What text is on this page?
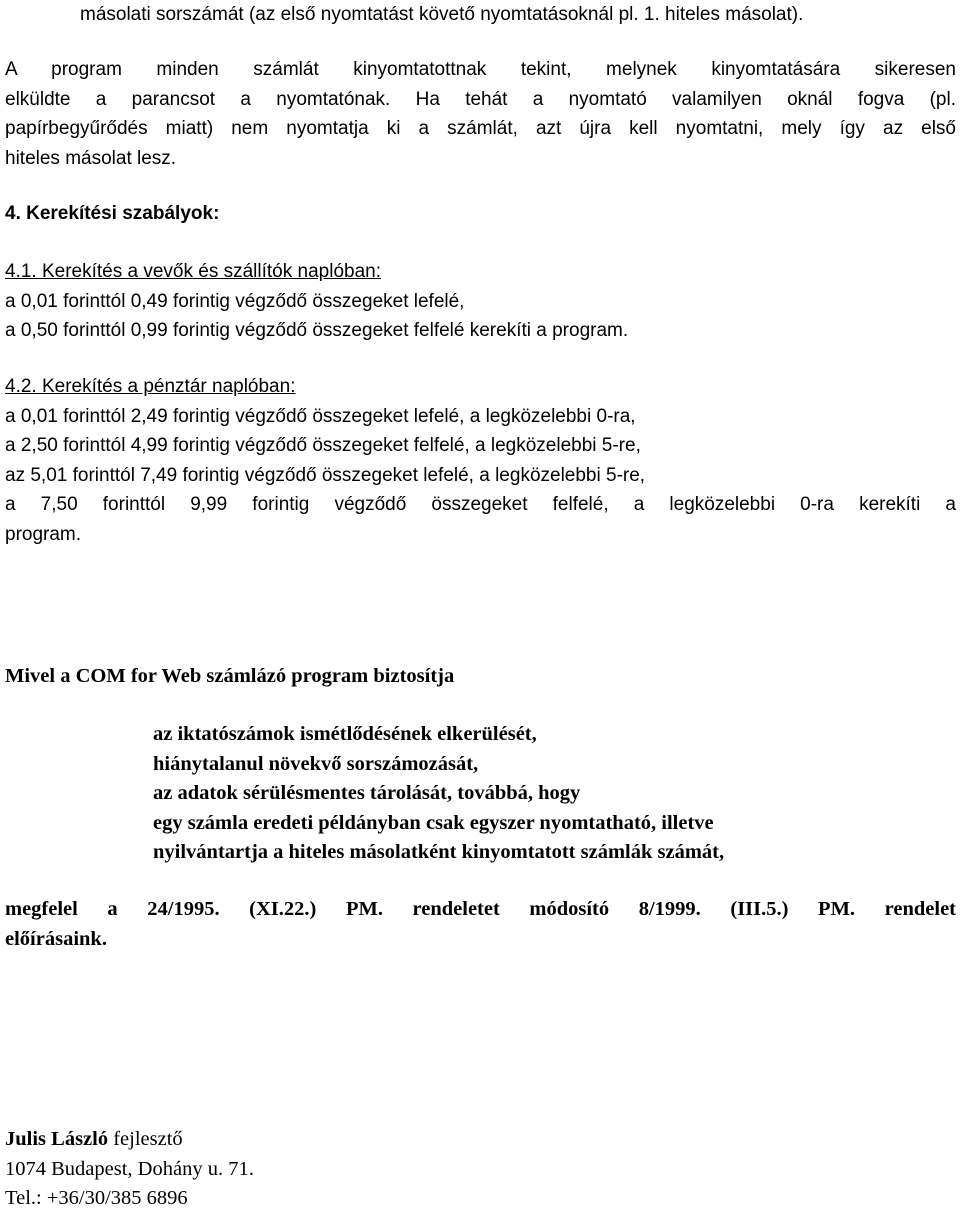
másolati sorszámát (az első nyomtatást követő nyomtatásoknál pl. 1. hiteles másolat).
A program minden számlát kinyomtatottnak tekint, melynek kinyomtatására sikeresen
elküldte a parancsot a nyomtatónak. Ha tehát a nyomtató valamilyen oknál fogva (pl.
papírbegyűrődés miatt) nem nyomtatja ki a számlát, azt újra kell nyomtatni, mely így az első
hiteles másolat lesz.
4. Kerekítési szabályok:
4.1. Kerekítés a vevők és szállítók naplóban:
a 0,01 forinttól 0,49 forintig végződő összegeket lefelé,
a 0,50 forinttól 0,99 forintig végződő összegeket felfelé kerekíti a program.
4.2. Kerekítés a pénztár naplóban:
a 0,01 forinttól 2,49 forintig végződő összegeket lefelé, a legközelebbi 0-ra,
a 2,50 forinttól 4,99 forintig végződő összegeket felfelé, a legközelebbi 5-re,
az 5,01 forinttól 7,49 forintig végződő összegeket lefelé, a legközelebbi 5-re,
a 7,50 forinttól 9,99 forintig végződő összegeket felfelé, a legközelebbi 0-ra kerekíti a
program.
Mivel a COM for Web számlázó program biztosítja
az iktatószámok ismétlődésének elkerülését,
hiánytalanul növekvő sorszámozását,
az adatok sérülésmentes tárolását, továbbá, hogy
egy számla eredeti példányban csak egyszer nyomtatható, illetve
nyilvántartja a hiteles másolatként kinyomtatott számlák számát,
megfelel a 24/1995. (XI.22.) PM. rendeletet módosító 8/1999. (III.5.) PM. rendelet
előírásaink.
Julis László fejlesztő
1074 Budapest, Dohány u. 71.
Tel.: +36/30/385 6896
